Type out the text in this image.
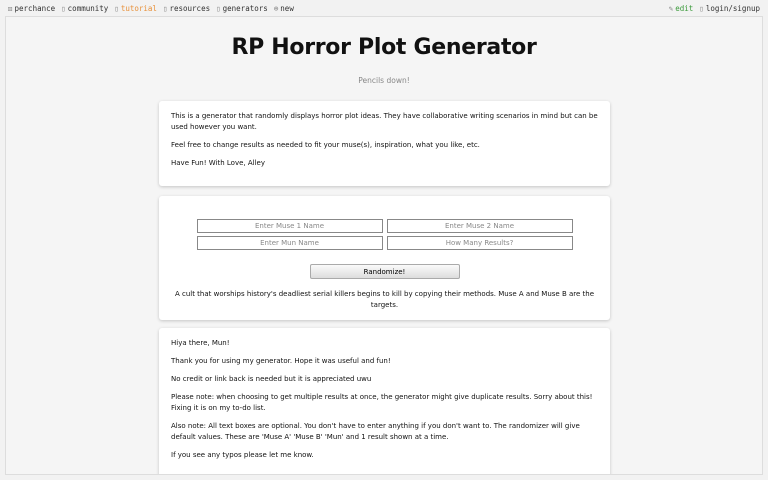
⚄ perchance ▯ community ▯ tutorial ▯ resources ▯ generators ⊕ new	✎ edit ▯ login/signup
RP Horror Plot Generator
Pencils down!

This is a generator that randomly displays horror plot ideas. They have collaborative writing scenarios in mind but can be used however you want.

Feel free to change results as needed to fit your muse(s), inspiration, what you like, etc.

Have Fun! With Love, Alley

Enter Muse 1 Name
Enter Muse 2 Name
Enter Mun Name
How Many Results?
Randomize!
A cult that worships history's deadliest serial killers begins to kill by copying their methods. Muse A and Muse B are the targets.

Hiya there, Mun!

Thank you for using my generator. Hope it was useful and fun!

No credit or link back is needed but it is appreciated uwu

Please note: when choosing to get multiple results at once, the generator might give duplicate results. Sorry about this! Fixing it is on my to-do list.

Also note: All text boxes are optional. You don't have to enter anything if you don't want to. The randomizer will give default values. These are 'Muse A' 'Muse B' 'Mun' and 1 result shown at a time.

If you see any typos please let me know.
